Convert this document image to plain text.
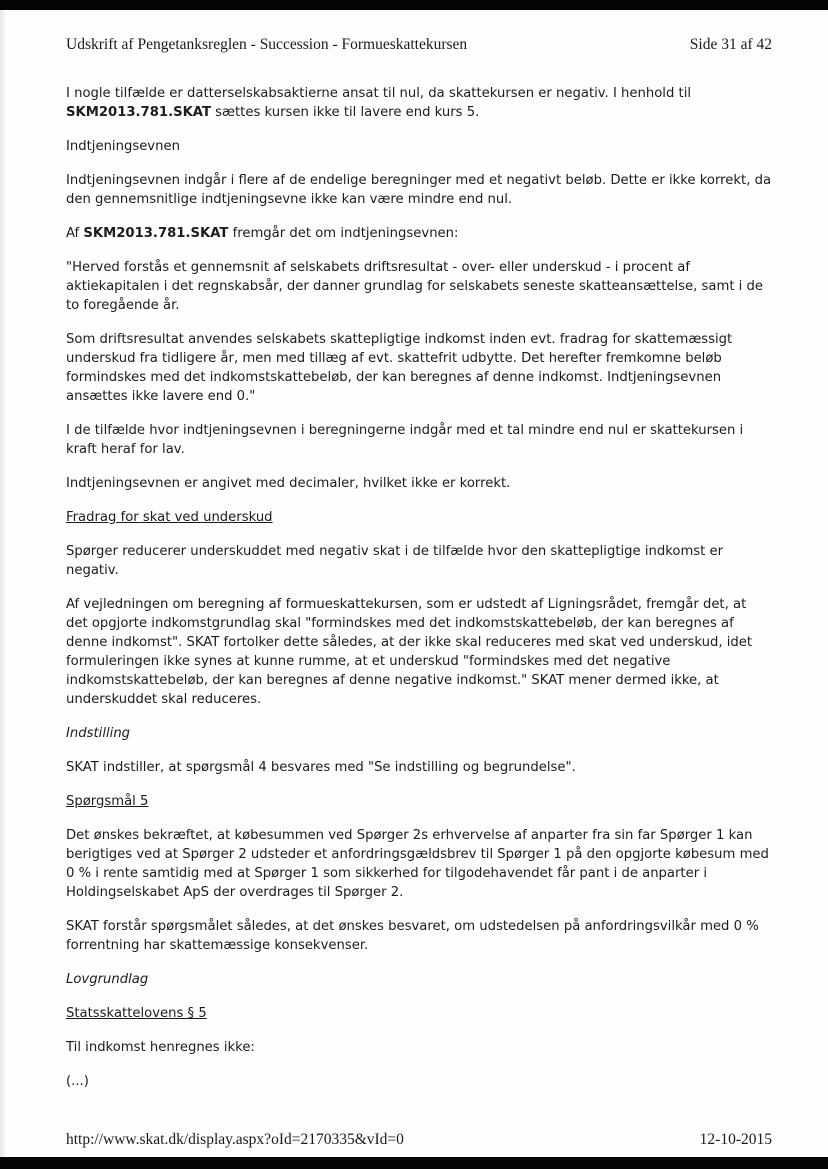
Udskrift af Pengetanksreglen - Succession - Formueskattekursen	Side 31 af 42

I nogle tilfælde er datterselskabsaktierne ansat til nul, da skattekursen er negativ. I henhold til SKM2013.781.SKAT sættes kursen ikke til lavere end kurs 5.

Indtjeningsevnen

Indtjeningsevnen indgår i flere af de endelige beregninger med et negativt beløb. Dette er ikke korrekt, da den gennemsnitlige indtjeningsevne ikke kan være mindre end nul.

Af SKM2013.781.SKAT fremgår det om indtjeningsevnen:

"Herved forstås et gennemsnit af selskabets driftsresultat - over- eller underskud - i procent af aktiekapitalen i det regnskabsår, der danner grundlag for selskabets seneste skatteansættelse, samt i de to foregående år.

Som driftsresultat anvendes selskabets skattepligtige indkomst inden evt. fradrag for skattemæssigt underskud fra tidligere år, men med tillæg af evt. skattefrit udbytte. Det herefter fremkomne beløb formindskes med det indkomstskattebeløb, der kan beregnes af denne indkomst. Indtjeningsevnen ansættes ikke lavere end 0."

I de tilfælde hvor indtjeningsevnen i beregningerne indgår med et tal mindre end nul er skattekursen i kraft heraf for lav.

Indtjeningsevnen er angivet med decimaler, hvilket ikke er korrekt.

Fradrag for skat ved underskud

Spørger reducerer underskuddet med negativ skat i de tilfælde hvor den skattepligtige indkomst er negativ.

Af vejledningen om beregning af formueskattekursen, som er udstedt af Ligningsrådet, fremgår det, at det opgjorte indkomstgrundlag skal "formindskes med det indkomstskattebeløb, der kan beregnes af denne indkomst". SKAT fortolker dette således, at der ikke skal reduceres med skat ved underskud, idet formuleringen ikke synes at kunne rumme, at et underskud "formindskes med det negative indkomstskattebeløb, der kan beregnes af denne negative indkomst." SKAT mener dermed ikke, at underskuddet skal reduceres.

Indstilling

SKAT indstiller, at spørgsmål 4 besvares med "Se indstilling og begrundelse".

Spørgsmål 5

Det ønskes bekræftet, at købesummen ved Spørger 2s erhvervelse af anparter fra sin far Spørger 1 kan berigtiges ved at Spørger 2 udsteder et anfordringsgældsbrev til Spørger 1 på den opgjorte købesum med 0 % i rente samtidig med at Spørger 1 som sikkerhed for tilgodehavendet får pant i de anparter i Holdingselskabet ApS der overdrages til Spørger 2.

SKAT forstår spørgsmålet således, at det ønskes besvaret, om udstedelsen på anfordringsvilkår med 0 % forrentning har skattemæssige konsekvenser.

Lovgrundlag
Statsskattelovens § 5

Til indkomst henregnes ikke:

(...)

http://www.skat.dk/display.aspx?oId=2170335&vId=0	12-10-2015
